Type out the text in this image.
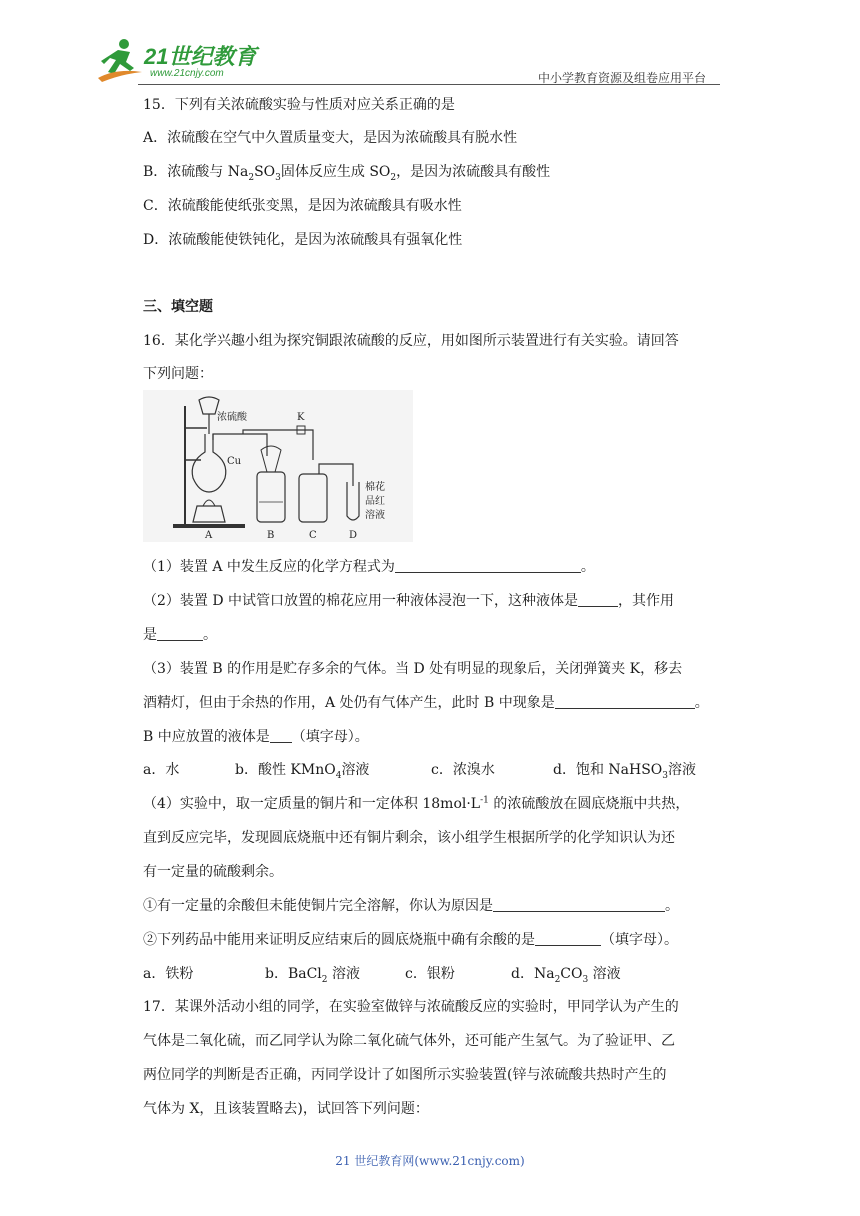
21世纪教育
www.21cnjy.com	中小学教育资源及组卷应用平台
15．下列有关浓硫酸实验与性质对应关系正确的是
A．浓硫酸在空气中久置质量变大，是因为浓硫酸具有脱水性
B．浓硫酸与 $Na_2SO_3$固体反应生成 $SO_2$，是因为浓硫酸具有酸性
C．浓硫酸能使纸张变黑，是因为浓硫酸具有吸水性
D．浓硫酸能使铁钝化，是因为浓硫酸具有强氧化性
三、填空题
16．某化学兴趣小组为探究铜跟浓硫酸的反应，用如图所示装置进行有关实验。请回答
下列问题：
浓硫酸	K
Cu
棉花
品红
溶液
A	B	C	D
（1）装置 A 中发生反应的化学方程式为	。
（2）装置 D 中试管口放置的棉花应用一种液体浸泡一下，这种液体是	，其作用
是	。
（3）装置 B 的作用是贮存多余的气体。当 D 处有明显的现象后，关闭弹簧夹 K，移去
酒精灯，但由于余热的作用，A 处仍有气体产生，此时 B 中现象是	。
B 中应放置的液体是 （填字母）。
a．水	b．酸性 KMnO$_4$溶液	c．浓溴水	d．饱和 NaHSO$_3$溶液
（4）实验中，取一定质量的铜片和一定体积 $18mol\cdot L^{-1}$ 的浓硫酸放在圆底烧瓶中共热，
直到反应完毕，发现圆底烧瓶中还有铜片剩余，该小组学生根据所学的化学知识认为还
有一定量的硫酸剩余。
①有一定量的余酸但未能使铜片完全溶解，你认为原因是	。
②下列药品中能用来证明反应结束后的圆底烧瓶中确有余酸的是	（填字母）。
a．铁粉	b．BaCl$_2$ 溶液	c．银粉	d．$Na_2CO_3$ 溶液
17．某课外活动小组的同学，在实验室做锌与浓硫酸反应的实验时，甲同学认为产生的
气体是二氧化硫，而乙同学认为除二氧化硫气体外，还可能产生氢气。为了验证甲、乙
两位同学的判断是否正确，丙同学设计了如图所示实验装置(锌与浓硫酸共热时产生的
气体为 X，且该装置略去)，试回答下列问题：
21 世纪教育网(www.21cnjy.com)
